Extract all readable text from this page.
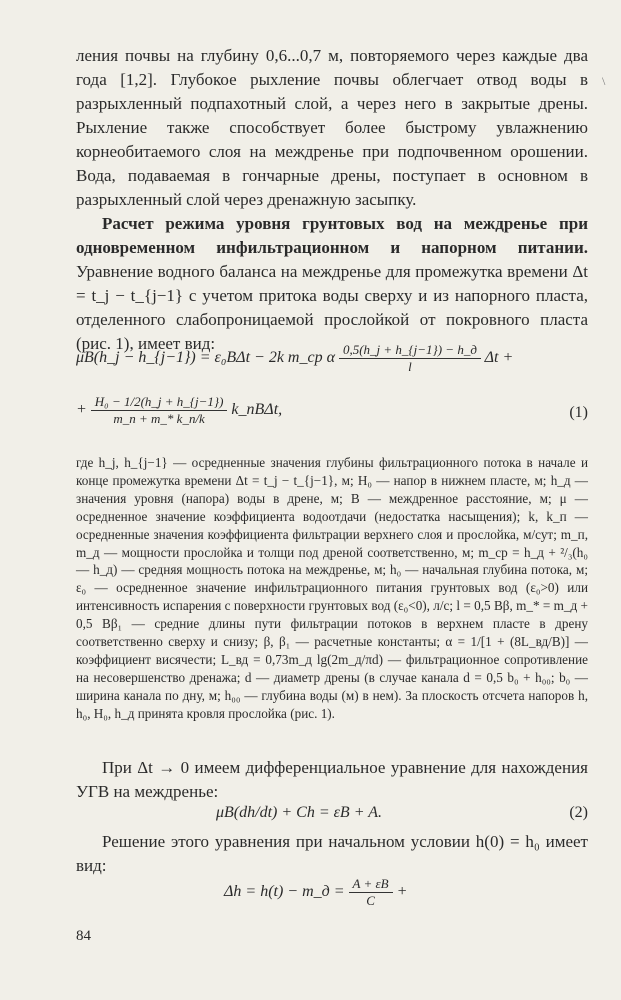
ления почвы на глубину 0,6...0,7 м, повторяемого через каждые два года [1,2]. Глубокое рыхление почвы облегчает отвод воды в разрыхленный подпахотный слой, а через него в закрытые дрены. Рыхление также способствует более быстрому увлажнению корнеобитаемого слоя на междренье при подпочвенном орошении. Вода, подаваемая в гончарные дрены, поступает в основном в разрыхленный слой через дренажную засыпку.

Расчет режима уровня грунтовых вод на междренье при одновременном инфильтрационном и напорном питании. Уравнение водного баланса на междренье для промежутка времени Δt = t_j − t_{j−1} с учетом притока воды сверху и из напорного пласта, отделенного слабопроницаемой прослойкой от покровного пласта (рис. 1), имеет вид:

μB(h_j − h_{j−1}) = ε₀BΔt − 2k m_ср α $\frac{0,5(h\_j + h\_\{j-1\}) - h\_д}{l}$ Δt +
+ $\frac{\text{H₀ − 1/2(h\_j + h\_\{j−1\})}}{m\_п + m\_* k\_п/k}$ k_пBΔt,	(1)

где h_j, h_{j−1} — осредненные значения глубины фильтрационного потока в начале и конце промежутка времени Δt = t_j − t_{j−1}, м; H₀ — напор в нижнем пласте, м; h_д — значения уровня (напора) воды в дрене, м; B — междренное расстояние, м; μ — осредненное значение коэффициента водоотдачи (недостатка насыщения); k, k_п — осредненные значения коэффициента фильтрации верхнего слоя и прослойка, м/сут; m_п, m_д — мощности прослойка и толщи под дреной соответственно, м; m_ср = h_д + ²/₃(h₀ — h_д) — средняя мощность потока на междренье, м; h₀ — начальная глубина потока, м; ε₀ — осредненное значение инфильтрационного питания грунтовых вод (ε₀>0) или интенсивность испарения с поверхности грунтовых вод (ε₀<0), л/с; l = 0,5 Bβ, m_* = m_д + 0,5 Bβ₁ — средние длины пути фильтрации потоков в верхнем пласте в дрену соответственно сверху и снизу; β, β₁ — расчетные константы; α = 1/[1 + (8L_вд/B)] — коэффициент висячести; L_вд = 0,73m_д lg(2m_д/πd) — фильтрационное сопротивление на несовершенство дренажа; d — диаметр дрены (в случае канала d = 0,5 b₀ + h₀₀; b₀ — ширина канала по дну, м; h₀₀ — глубина воды (м) в нем). За плоскость отсчета напоров h, h₀, H₀, h_д принята кровля прослойка (рис. 1).

При Δt → 0 имеем дифференциальное уравнение для нахождения УГВ на междренье:

μB(dh/dt) + Ch = εB + A.	(2)

Решение этого уравнения при начальном условии h(0) = h₀ имеет вид:

Δh = h(t) − m_д = $\frac{A + \varepsilon B}{C}$ +
84
\
